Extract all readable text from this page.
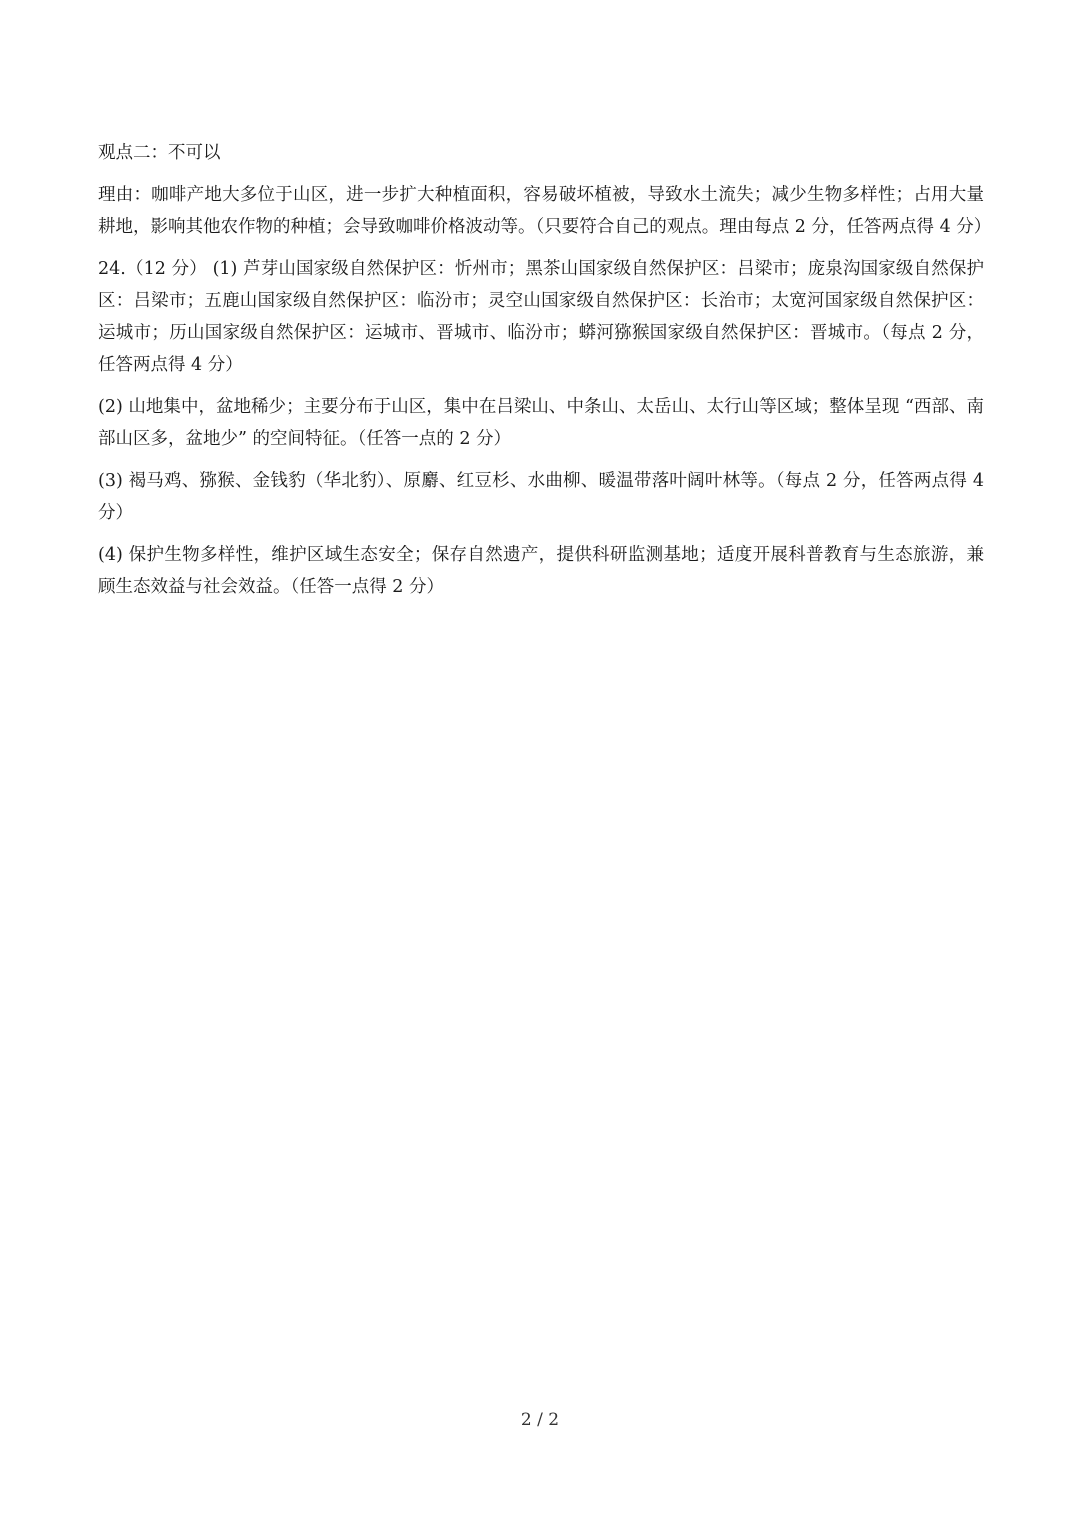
观点二：不可以

理由：咖啡产地大多位于山区，进一步扩大种植面积，容易破坏植被，导致水土流失；减少生物多样性；占用大量耕地，影响其他农作物的种植；会导致咖啡价格波动等。（只要符合自己的观点。理由每点 2 分，任答两点得 4 分）

24.（12 分） (1) 芦芽山国家级自然保护区：忻州市；黑茶山国家级自然保护区：吕梁市；庞泉沟国家级自然保护区：吕梁市；五鹿山国家级自然保护区：临汾市；灵空山国家级自然保护区：长治市；太宽河国家级自然保护区：运城市；历山国家级自然保护区：运城市、晋城市、临汾市；蟒河猕猴国家级自然保护区：晋城市。（每点 2 分，任答两点得 4 分）

(2) 山地集中，盆地稀少；主要分布于山区，集中在吕梁山、中条山、太岳山、太行山等区域；整体呈现 “西部、南部山区多，盆地少” 的空间特征。（任答一点的 2 分）

(3) 褐马鸡、猕猴、金钱豹（华北豹）、原麝、红豆杉、水曲柳、暖温带落叶阔叶林等。（每点 2 分，任答两点得 4 分）

(4) 保护生物多样性，维护区域生态安全；保存自然遗产，提供科研监测基地；适度开展科普教育与生态旅游，兼顾生态效益与社会效益。（任答一点得 2 分）

2 / 2
